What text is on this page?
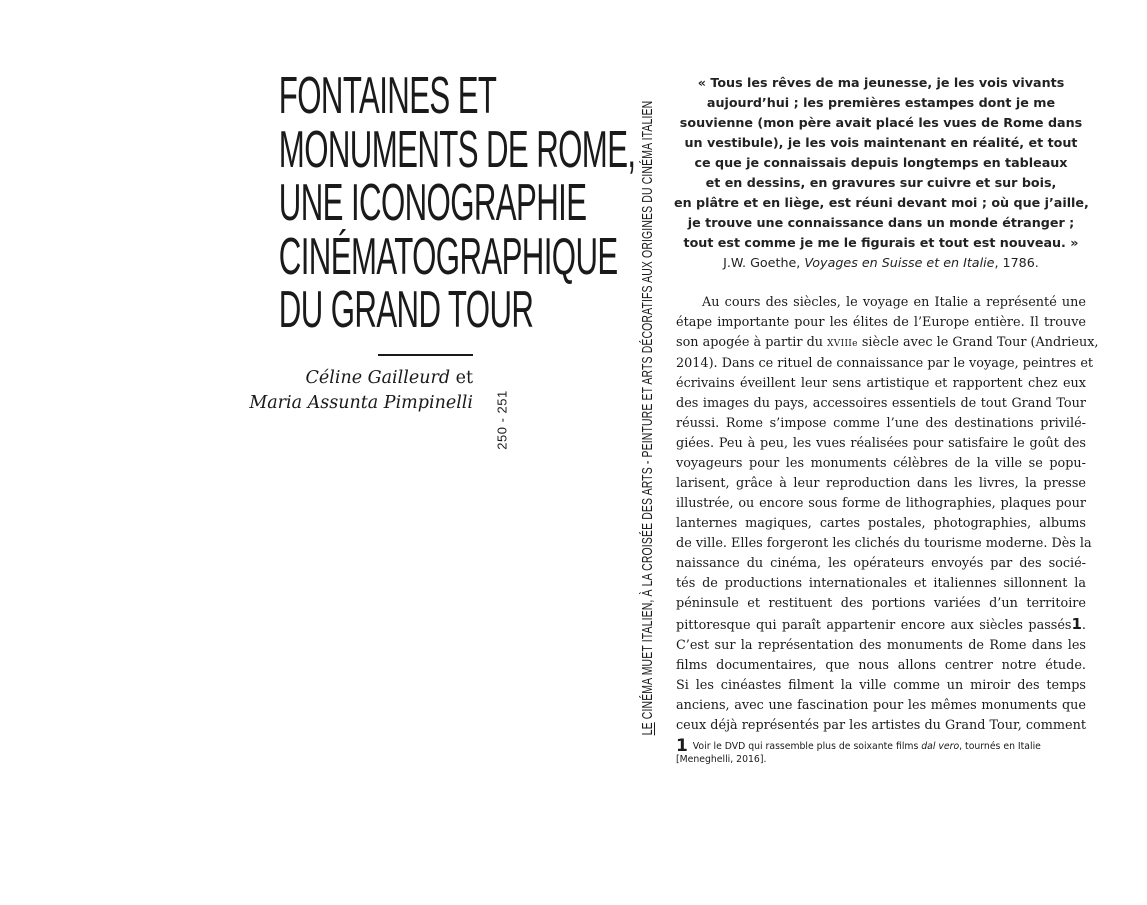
FONTAINES ET
MONUMENTS DE ROME,
UNE ICONOGRAPHIE
CINÉMATOGRAPHIQUE
DU GRAND TOUR
Céline Gailleurd et
Maria Assunta Pimpinelli 250 - 251
LE CINÉMA MUET ITALIEN, À LA CROISÉE DES ARTS - PEINTURE ET ARTS DÉCORATIFS AUX ORIGINES DU CINÉMA ITALIEN
« Tous les rêves de ma jeunesse, je les vois vivants
aujourd’hui ; les premières estampes dont je me
souvienne (mon père avait placé les vues de Rome dans
un vestibule), je les vois maintenant en réalité, et tout
ce que je connaissais depuis longtemps en tableaux
et en dessins, en gravures sur cuivre et sur bois,
en plâtre et en liège, est réuni devant moi ; où que j’aille,
je trouve une connaissance dans un monde étranger ;
tout est comme je me le figurais et tout est nouveau. »
J.W. Goethe, Voyages en Suisse et en Italie, 1786.
Au cours des siècles, le voyage en Italie a représenté une
étape importante pour les élites de l’Europe entière. Il trouve
son apogée à partir du XVIIIe siècle avec le Grand Tour (Andrieux,
2014). Dans ce rituel de connaissance par le voyage, peintres et
écrivains éveillent leur sens artistique et rapportent chez eux
des images du pays, accessoires essentiels de tout Grand Tour
réussi. Rome s’impose comme l’une des destinations privilé-
giées. Peu à peu, les vues réalisées pour satisfaire le goût des
voyageurs pour les monuments célèbres de la ville se popu-
larisent, grâce à leur reproduction dans les livres, la presse
illustrée, ou encore sous forme de lithographies, plaques pour
lanternes magiques, cartes postales, photographies, albums
de ville. Elles forgeront les clichés du tourisme moderne. Dès la
naissance du cinéma, les opérateurs envoyés par des socié-
tés de productions internationales et italiennes sillonnent la
péninsule et restituent des portions variées d’un territoire
pittoresque qui paraît appartenir encore aux siècles passés1.
C’est sur la représentation des monuments de Rome dans les
films documentaires, que nous allons centrer notre étude.
Si les cinéastes filment la ville comme un miroir des temps
anciens, avec une fascination pour les mêmes monuments que
ceux déjà représentés par les artistes du Grand Tour, comment
1 Voir le DVD qui rassemble plus de soixante films dal vero, tournés en Italie
[Meneghelli, 2016].
